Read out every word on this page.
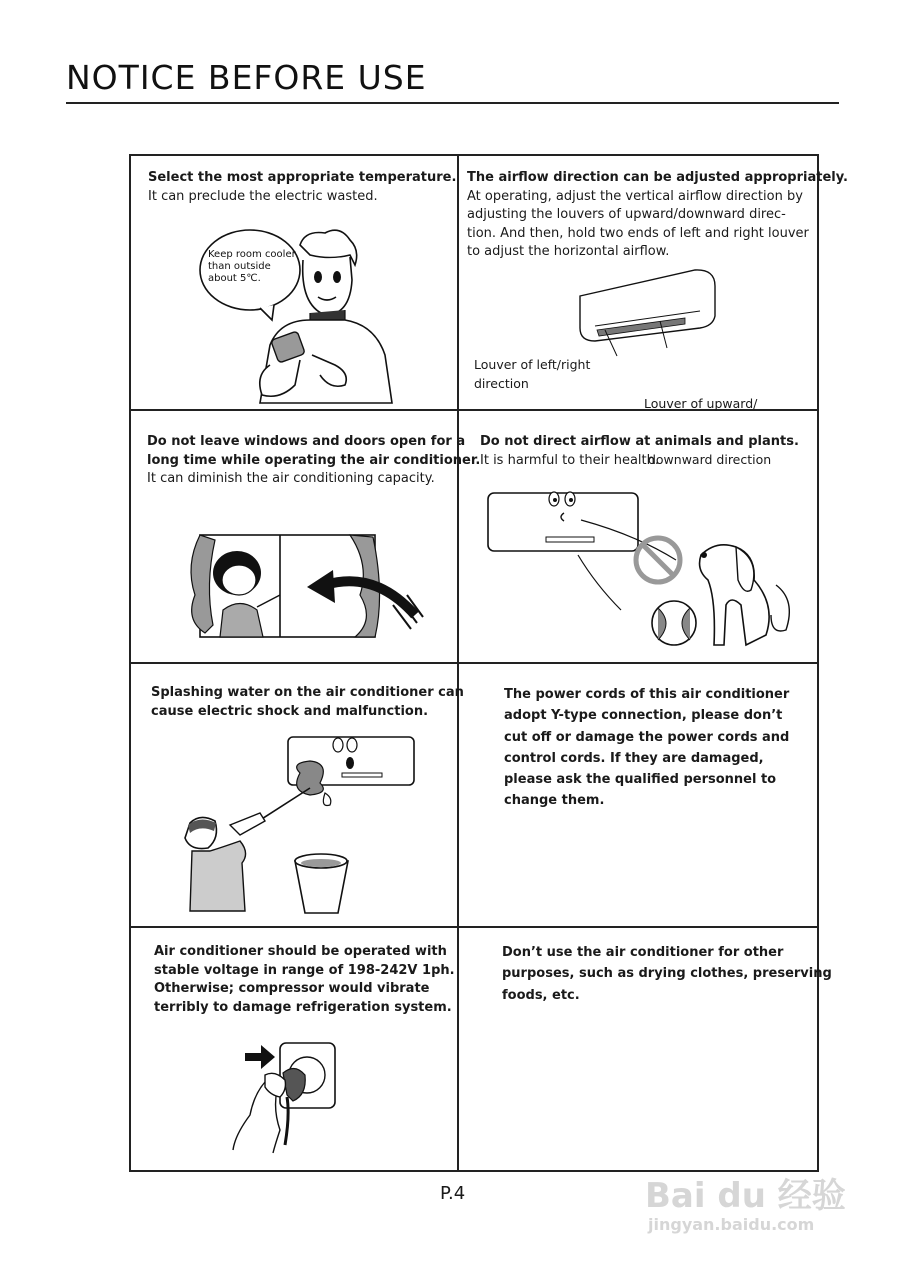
NOTICE BEFORE USE
Select the most appropriate temperature.
It can preclude the electric wasted.
Keep room cooler
than outside
about 5℃.
The airflow direction can be adjusted appropriately.
At operating, adjust the vertical airflow direction by
adjusting the louvers of upward/downward direc-
tion. And then, hold two ends of left and right louver
to adjust the horizontal airflow.
Louver of left/right
direction

Louver of upward/

downward direction

Do not leave windows and doors open for a
long time while operating the air conditioner.
It can diminish the air conditioning capacity.
Do not direct airflow at animals and plants.
It is harmful to their health.
Splashing water on the air conditioner can
cause electric shock and malfunction.
The power cords of this air conditioner
adopt Y-type connection, please don’t
cut off or damage the power cords and
control cords. If they are damaged,
please ask the qualified personnel to
change them.
Air conditioner should be operated with
stable voltage in range of 198-242V 1ph.
Otherwise; compressor would vibrate
terribly to damage refrigeration system.
Don’t use the air conditioner for other
purposes, such as drying clothes, preserving
foods, etc.
P.4	Bai du 经验
jingyan.baidu.com
